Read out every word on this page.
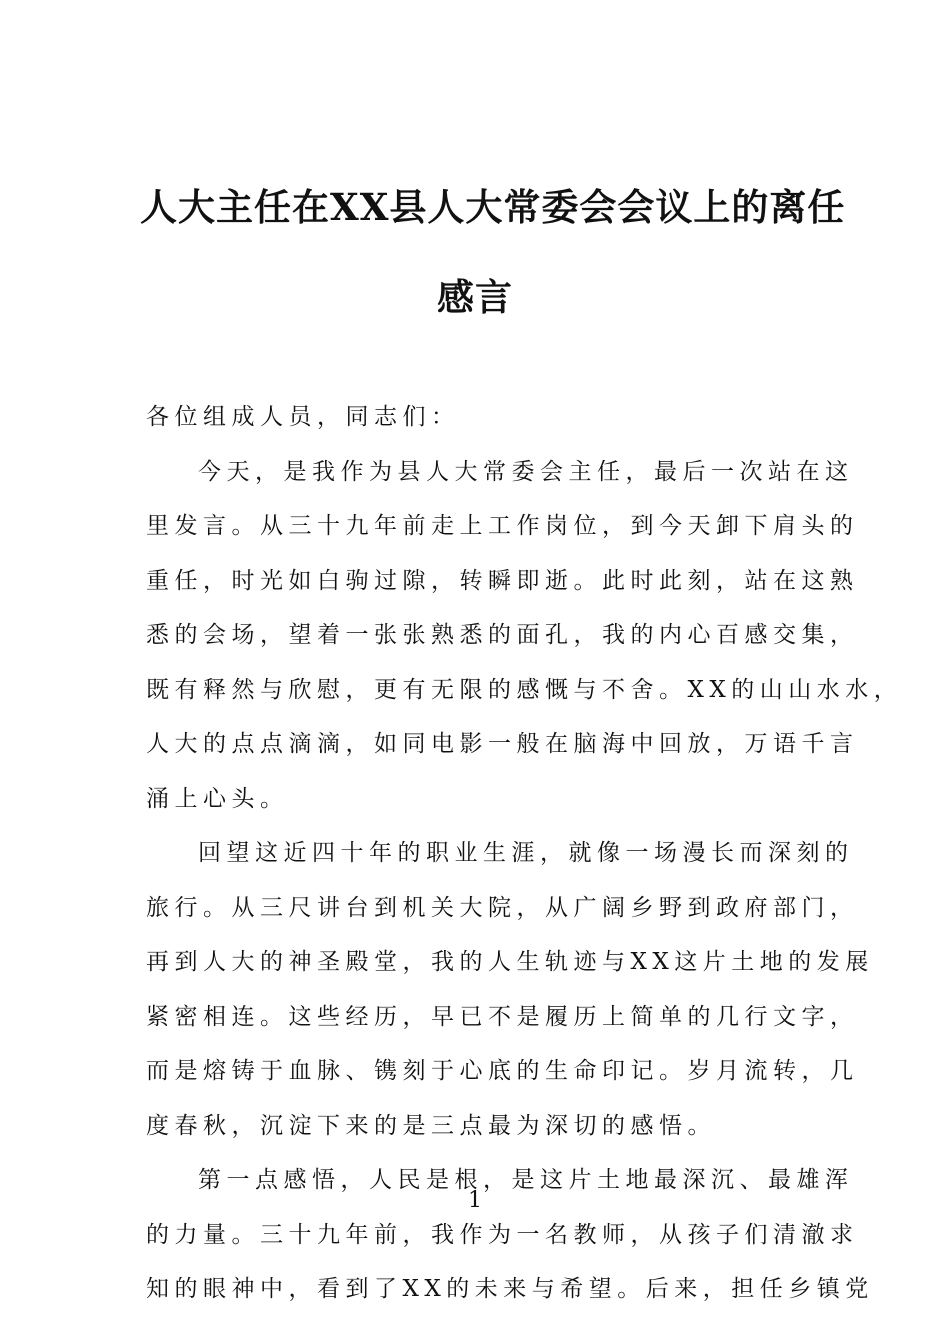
人大主任在XX县人大常委会会议上的离任
感言
各位组成人员，同志们：
今天，是我作为县人大常委会主任，最后一次站在这
里发言。从三十九年前走上工作岗位，到今天卸下肩头的
重任，时光如白驹过隙，转瞬即逝。此时此刻，站在这熟
悉的会场，望着一张张熟悉的面孔，我的内心百感交集，
既有释然与欣慰，更有无限的感慨与不舍。XX的山山水水，
人大的点点滴滴，如同电影一般在脑海中回放，万语千言
涌上心头。
回望这近四十年的职业生涯，就像一场漫长而深刻的
旅行。从三尺讲台到机关大院，从广阔乡野到政府部门，
再到人大的神圣殿堂，我的人生轨迹与XX这片土地的发展
紧密相连。这些经历，早已不是履历上简单的几行文字，
而是熔铸于血脉、镌刻于心底的生命印记。岁月流转，几
度春秋，沉淀下来的是三点最为深切的感悟。
第一点感悟，人民是根，是这片土地最深沉、最雄浑
的力量。三十九年前，我作为一名教师，从孩子们清澈求
知的眼神中，看到了XX的未来与希望。后来，担任乡镇党
1
